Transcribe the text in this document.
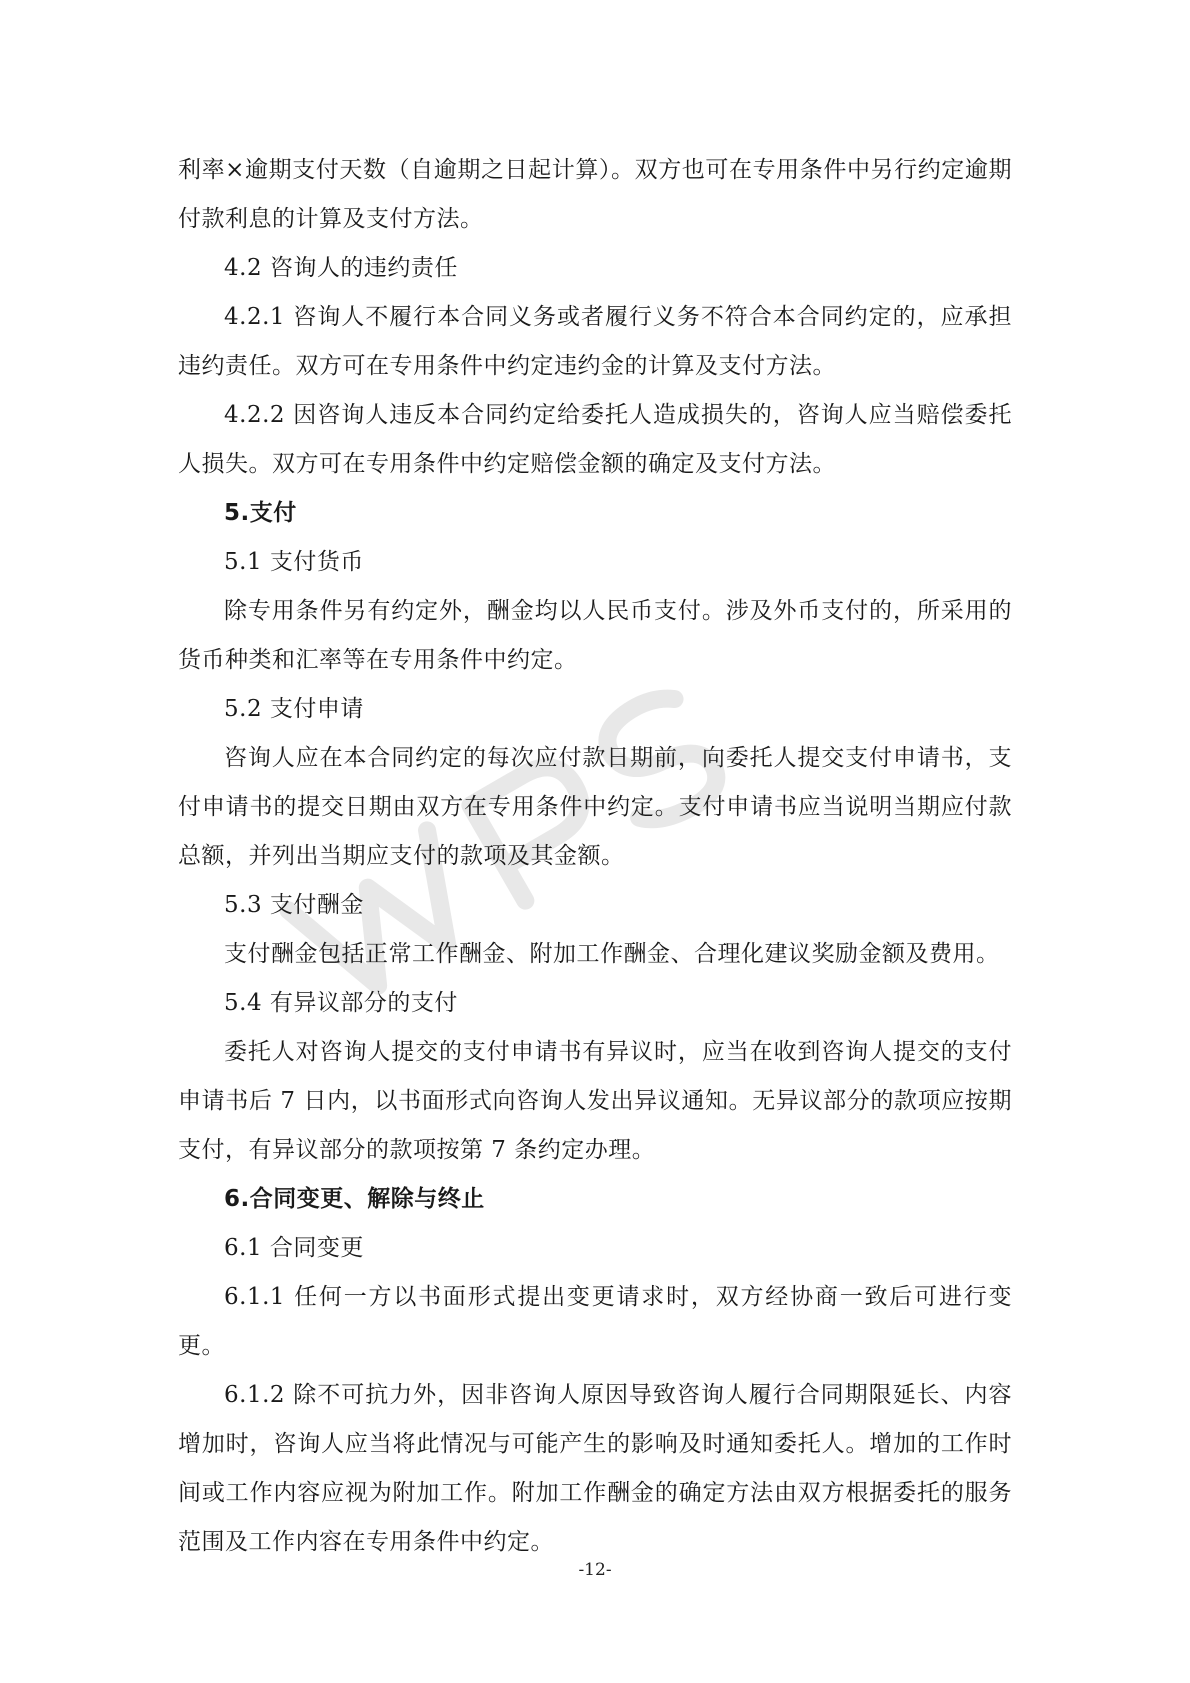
利率×逾期支付天数（自逾期之日起计算）。双方也可在专用条件中另行约定逾期付款利息的计算及支付方法。

4.2 咨询人的违约责任

4.2.1 咨询人不履行本合同义务或者履行义务不符合本合同约定的，应承担违约责任。双方可在专用条件中约定违约金的计算及支付方法。

4.2.2 因咨询人违反本合同约定给委托人造成损失的，咨询人应当赔偿委托人损失。双方可在专用条件中约定赔偿金额的确定及支付方法。

5.支付

5.1 支付货币

除专用条件另有约定外，酬金均以人民币支付。涉及外币支付的，所采用的货币种类和汇率等在专用条件中约定。

5.2 支付申请

咨询人应在本合同约定的每次应付款日期前，向委托人提交支付申请书，支付申请书的提交日期由双方在专用条件中约定。支付申请书应当说明当期应付款总额，并列出当期应支付的款项及其金额。

5.3 支付酬金

支付酬金包括正常工作酬金、附加工作酬金、合理化建议奖励金额及费用。

5.4 有异议部分的支付

委托人对咨询人提交的支付申请书有异议时，应当在收到咨询人提交的支付申请书后 7 日内，以书面形式向咨询人发出异议通知。无异议部分的款项应按期支付，有异议部分的款项按第 7 条约定办理。

6.合同变更、解除与终止

6.1 合同变更

6.1.1 任何一方以书面形式提出变更请求时，双方经协商一致后可进行变更。

6.1.2 除不可抗力外，因非咨询人原因导致咨询人履行合同期限延长、内容增加时，咨询人应当将此情况与可能产生的影响及时通知委托人。增加的工作时间或工作内容应视为附加工作。附加工作酬金的确定方法由双方根据委托的服务范围及工作内容在专用条件中约定。

-12-
